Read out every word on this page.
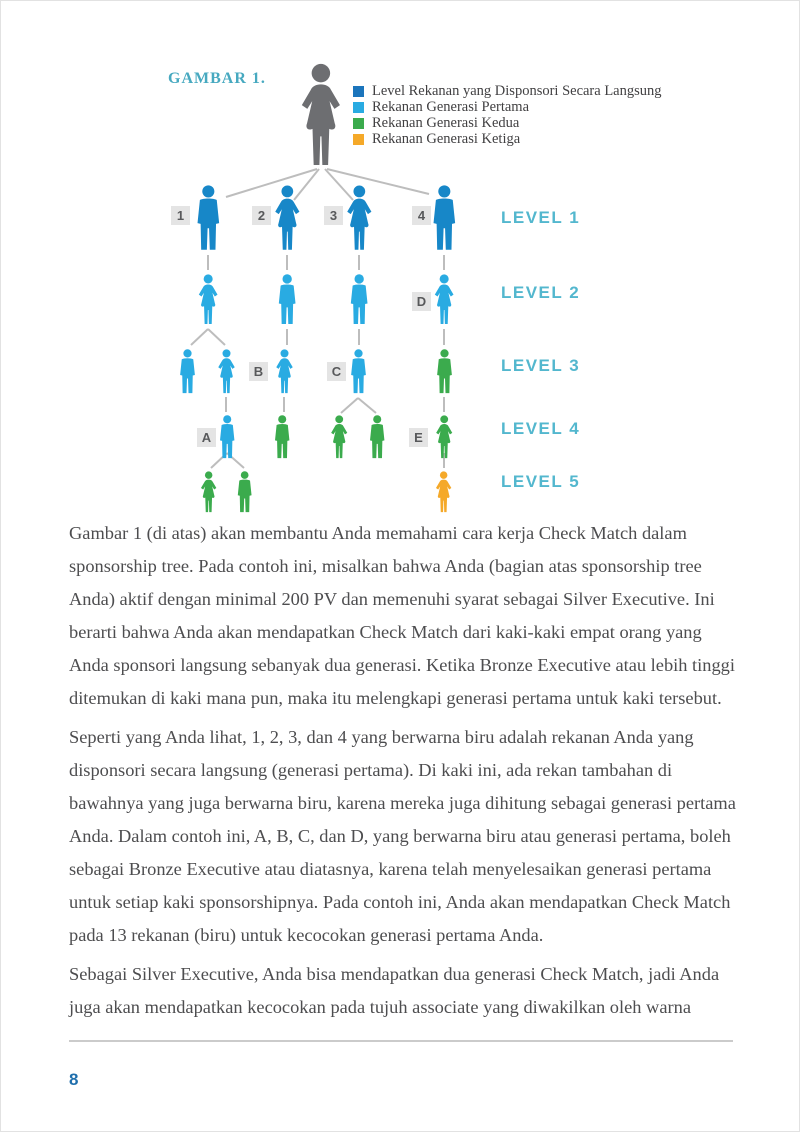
GAMBAR 1.
Level Rekanan yang Disponsori Secara Langsung
Rekanan Generasi Pertama
Rekanan Generasi Kedua
Rekanan Generasi Ketiga
1	2	3	4
D
B	C
A	E
LEVEL 1
LEVEL 2
LEVEL 3
LEVEL 4
LEVEL 5

Gambar 1 (di atas) akan membantu Anda memahami cara kerja Check Match dalam sponsorship tree. Pada contoh ini, misalkan bahwa Anda (bagian atas sponsorship tree Anda) aktif dengan minimal 200 PV dan memenuhi syarat sebagai Silver Executive. Ini berarti bahwa Anda akan mendapatkan Check Match dari kaki-kaki empat orang yang Anda sponsori langsung sebanyak dua generasi. Ketika Bronze Executive atau lebih tinggi ditemukan di kaki mana pun, maka itu melengkapi generasi pertama untuk kaki tersebut.

Seperti yang Anda lihat, 1, 2, 3, dan 4 yang berwarna biru adalah rekanan Anda yang disponsori secara langsung (generasi pertama). Di kaki ini, ada rekan tambahan di bawahnya yang juga berwarna biru, karena mereka juga dihitung sebagai generasi pertama Anda. Dalam contoh ini, A, B, C, dan D, yang berwarna biru atau generasi pertama, boleh sebagai Bronze Executive atau diatasnya, karena telah menyelesaikan generasi pertama untuk setiap kaki sponsorshipnya. Pada contoh ini, Anda akan mendapatkan Check Match pada 13 rekanan (biru) untuk kecocokan generasi pertama Anda.

Sebagai Silver Executive, Anda bisa mendapatkan dua generasi Check Match, jadi Anda juga akan mendapatkan kecocokan pada tujuh associate yang diwakilkan oleh warna

8
